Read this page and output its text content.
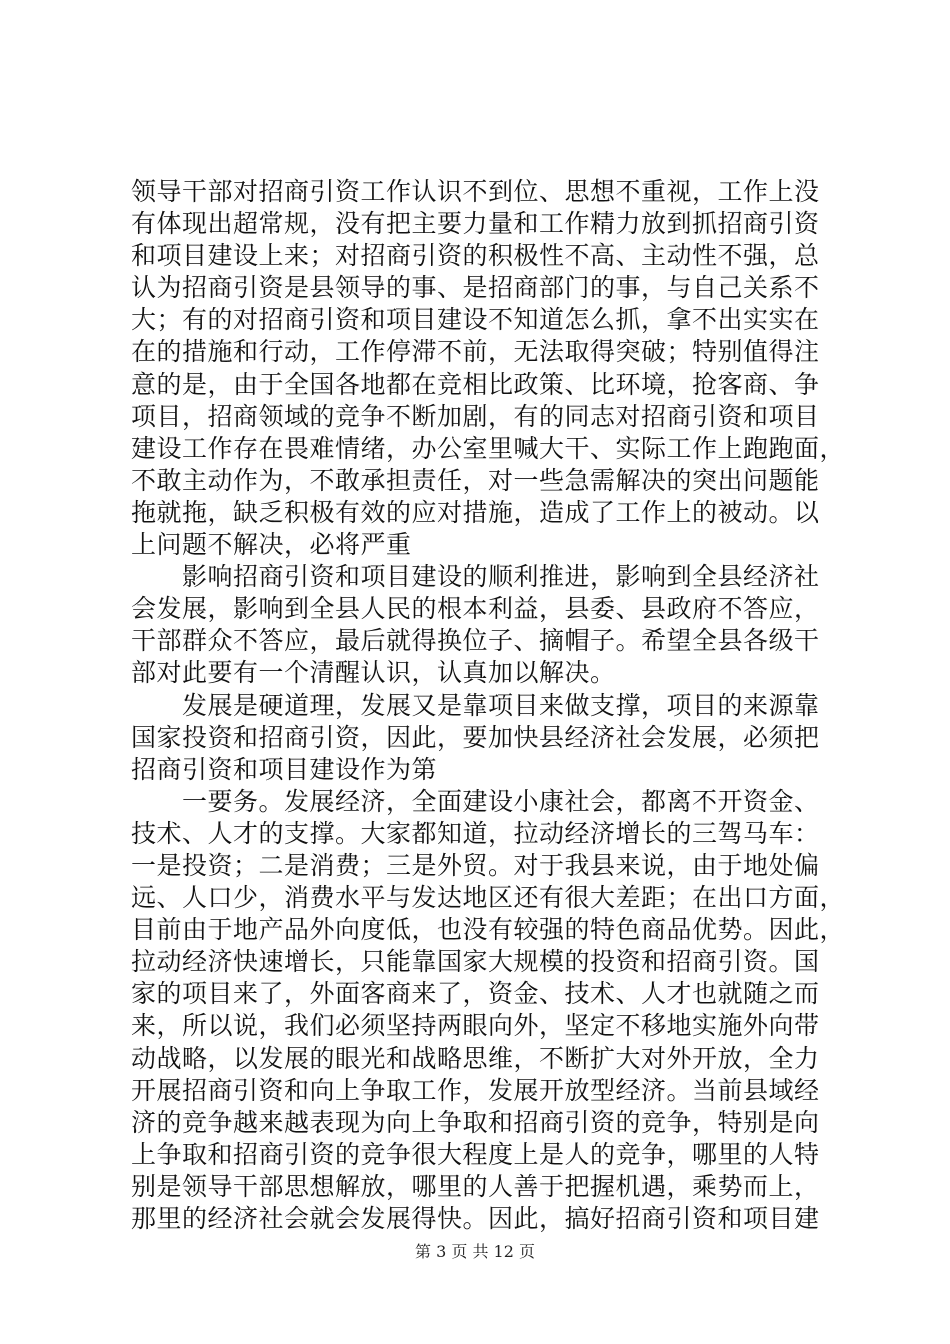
领导干部对招商引资工作认识不到位、思想不重视，工作上没
有体现出超常规，没有把主要力量和工作精力放到抓招商引资
和项目建设上来；对招商引资的积极性不高、主动性不强，总
认为招商引资是县领导的事、是招商部门的事，与自己关系不
大；有的对招商引资和项目建设不知道怎么抓，拿不出实实在
在的措施和行动，工作停滞不前，无法取得突破；特别值得注
意的是，由于全国各地都在竞相比政策、比环境，抢客商、争
项目，招商领域的竞争不断加剧，有的同志对招商引资和项目
建设工作存在畏难情绪，办公室里喊大干、实际工作上跑跑面，
不敢主动作为，不敢承担责任，对一些急需解决的突出问题能
拖就拖，缺乏积极有效的应对措施，造成了工作上的被动。以
上问题不解决，必将严重
　　影响招商引资和项目建设的顺利推进，影响到全县经济社
会发展，影响到全县人民的根本利益，县委、县政府不答应，
干部群众不答应，最后就得换位子、摘帽子。希望全县各级干
部对此要有一个清醒认识，认真加以解决。
　　发展是硬道理，发展又是靠项目来做支撑，项目的来源靠
国家投资和招商引资，因此，要加快县经济社会发展，必须把
招商引资和项目建设作为第
　　一要务。发展经济，全面建设小康社会，都离不开资金、
技术、人才的支撑。大家都知道，拉动经济增长的三驾马车：
一是投资；二是消费；三是外贸。对于我县来说，由于地处偏
远、人口少，消费水平与发达地区还有很大差距；在出口方面，
目前由于地产品外向度低，也没有较强的特色商品优势。因此，
拉动经济快速增长，只能靠国家大规模的投资和招商引资。国
家的项目来了，外面客商来了，资金、技术、人才也就随之而
来，所以说，我们必须坚持两眼向外，坚定不移地实施外向带
动战略，以发展的眼光和战略思维，不断扩大对外开放，全力
开展招商引资和向上争取工作，发展开放型经济。当前县域经
济的竞争越来越表现为向上争取和招商引资的竞争，特别是向
上争取和招商引资的竞争很大程度上是人的竞争，哪里的人特
别是领导干部思想解放，哪里的人善于把握机遇，乘势而上，
那里的经济社会就会发展得快。因此，搞好招商引资和项目建
第 3 页 共 12 页
